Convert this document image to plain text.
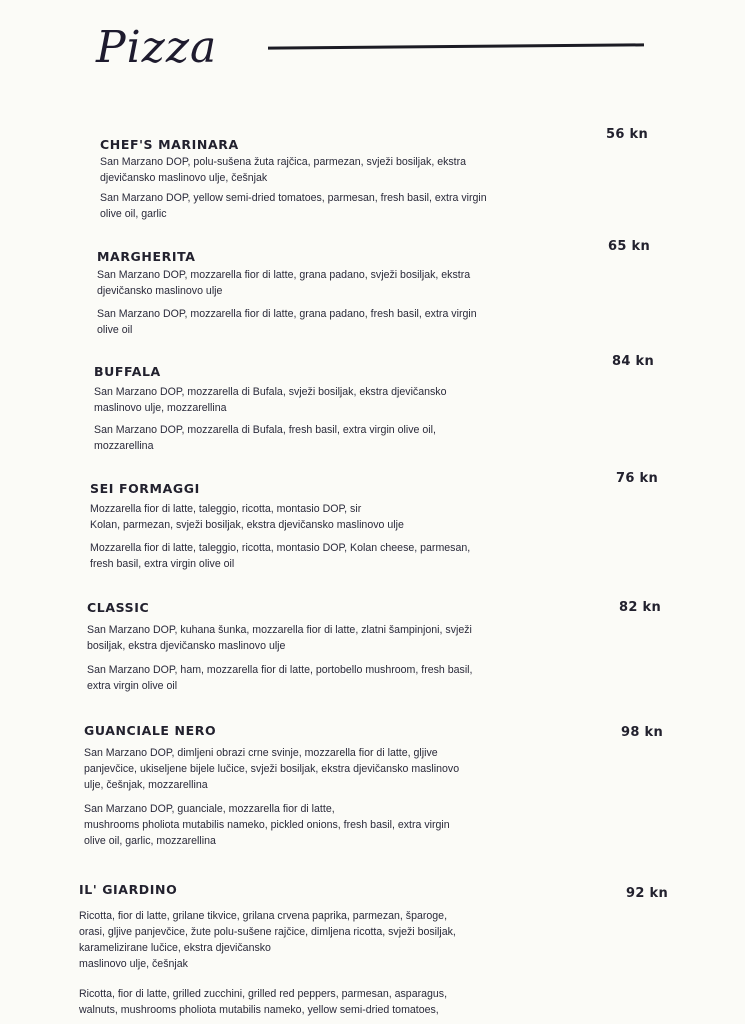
Pizza
CHEF'S MARINARA
56 kn
San Marzano DOP, polu-sušena žuta rajčica, parmezan, svježi bosiljak, ekstra
djevičansko maslinovo ulje, češnjak
San Marzano DOP, yellow semi-dried tomatoes, parmesan, fresh basil, extra virgin
olive oil, garlic
MARGHERITA
65 kn
San Marzano DOP, mozzarella fior di latte, grana padano, svježi bosiljak, ekstra
djevičansko maslinovo ulje
San Marzano DOP, mozzarella fior di latte, grana padano, fresh basil, extra virgin
olive oil
BUFFALA
84 kn
San Marzano DOP, mozzarella di Bufala, svježi bosiljak, ekstra djevičansko
maslinovo ulje, mozzarellina
San Marzano DOP, mozzarella di Bufala, fresh basil, extra virgin olive oil,
mozzarellina
SEI FORMAGGI
76 kn
Mozzarella fior di latte, taleggio, ricotta, montasio DOP, sir
Kolan, parmezan, svježi bosiljak, ekstra djevičansko maslinovo ulje
Mozzarella fior di latte, taleggio, ricotta, montasio DOP, Kolan cheese, parmesan,
fresh basil, extra virgin olive oil
CLASSIC	82 kn
San Marzano DOP, kuhana šunka, mozzarella fior di latte, zlatni šampinjoni, svježi
bosiljak, ekstra djevičansko maslinovo ulje
San Marzano DOP, ham, mozzarella fior di latte, portobello mushroom, fresh basil,
extra virgin olive oil
GUANCIALE NERO	98 kn
San Marzano DOP, dimljeni obrazi crne svinje, mozzarella fior di latte, gljive
panjevčice, ukiseljene bijele lučice, svježi bosiljak, ekstra djevičansko maslinovo
ulje, češnjak, mozzarellina
San Marzano DOP, guanciale, mozzarella fior di latte,
mushrooms pholiota mutabilis nameko, pickled onions, fresh basil, extra virgin
olive oil, garlic, mozzarellina
IL' GIARDINO	92 kn
Ricotta, fior di latte, grilane tikvice, grilana crvena paprika, parmezan, šparoge,
orasi, gljive panjevčice, žute polu-sušene rajčice, dimljena ricotta, svježi bosiljak,
karamelizirane lučice, ekstra djevičansko
maslinovo ulje, češnjak
Ricotta, fior di latte, grilled zucchini, grilled red peppers, parmesan, asparagus,
walnuts, mushrooms pholiota mutabilis nameko, yellow semi-dried tomatoes,
